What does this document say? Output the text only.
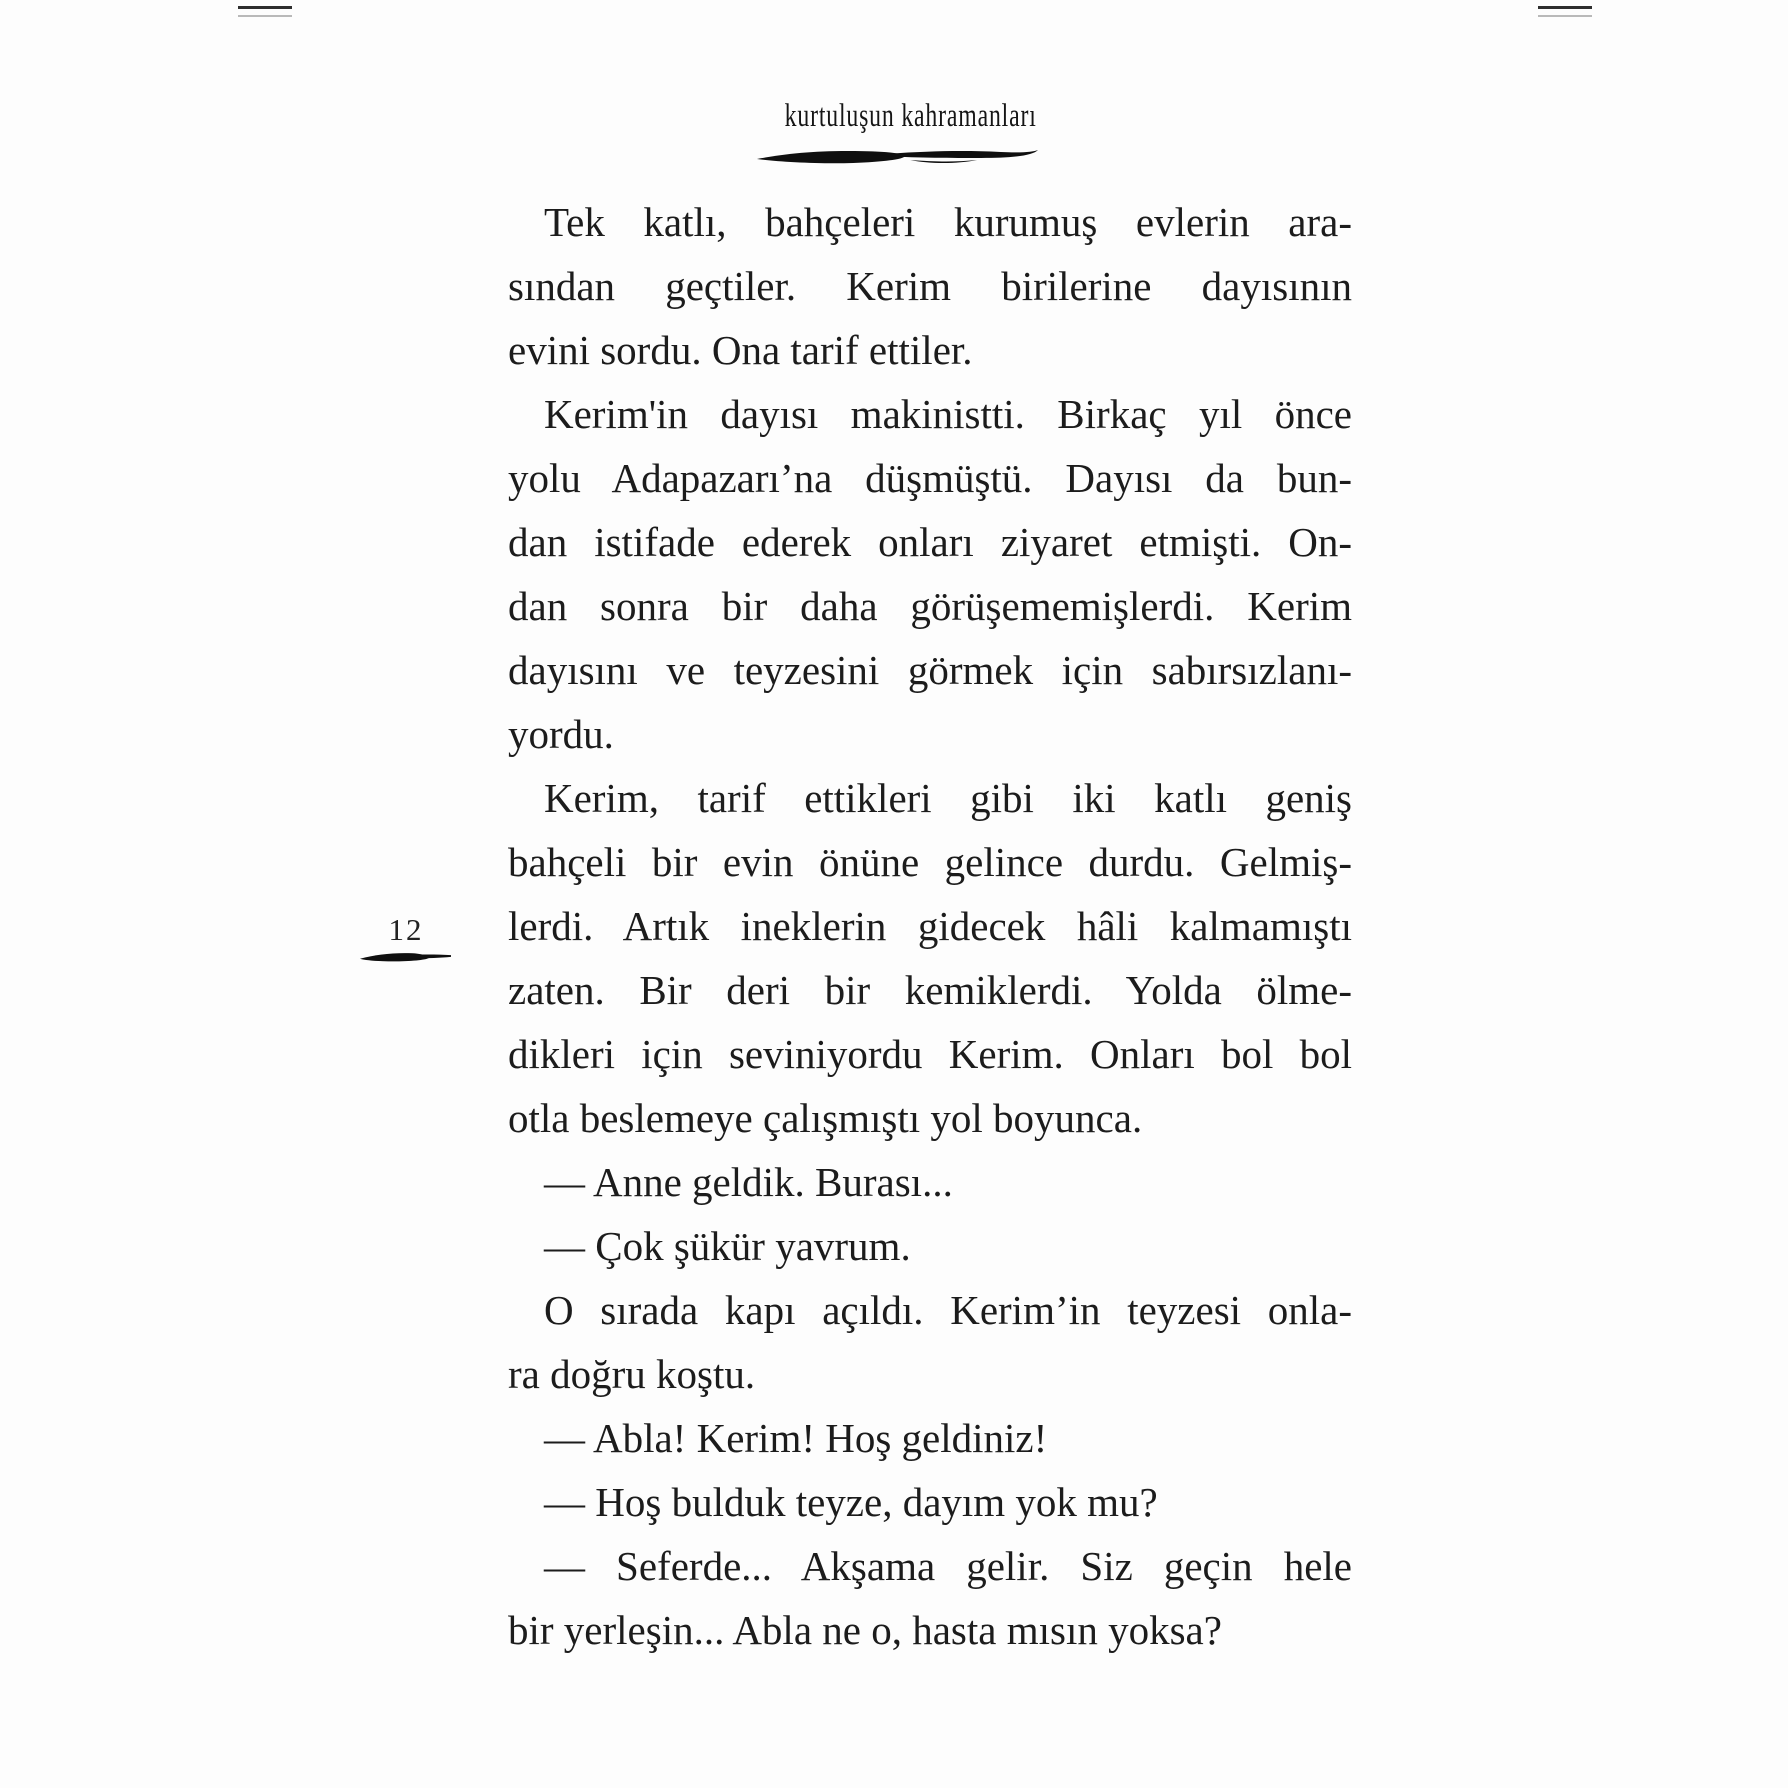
kurtuluşun kahramanları
12
Tek katlı, bahçeleri kurumuş evlerin ara-
sından geçtiler. Kerim birilerine dayısının
evini sordu. Ona tarif ettiler.
Kerim'in dayısı makinistti. Birkaç yıl önce
yolu Adapazarı’na düşmüştü. Dayısı da bun-
dan istifade ederek onları ziyaret etmişti. On-
dan sonra bir daha görüşememişlerdi. Kerim
dayısını ve teyzesini görmek için sabırsızlanı-
yordu.
Kerim, tarif ettikleri gibi iki katlı geniş
bahçeli bir evin önüne gelince durdu. Gelmiş-
lerdi. Artık ineklerin gidecek hâli kalmamıştı
zaten. Bir deri bir kemiklerdi. Yolda ölme-
dikleri için seviniyordu Kerim. Onları bol bol
otla beslemeye çalışmıştı yol boyunca.
— Anne geldik. Burası...
— Çok şükür yavrum.
O sırada kapı açıldı. Kerim’in teyzesi onla-
ra doğru koştu.
— Abla! Kerim! Hoş geldiniz!
— Hoş bulduk teyze, dayım yok mu?
— Seferde... Akşama gelir. Siz geçin hele
bir yerleşin... Abla ne o, hasta mısın yoksa?
